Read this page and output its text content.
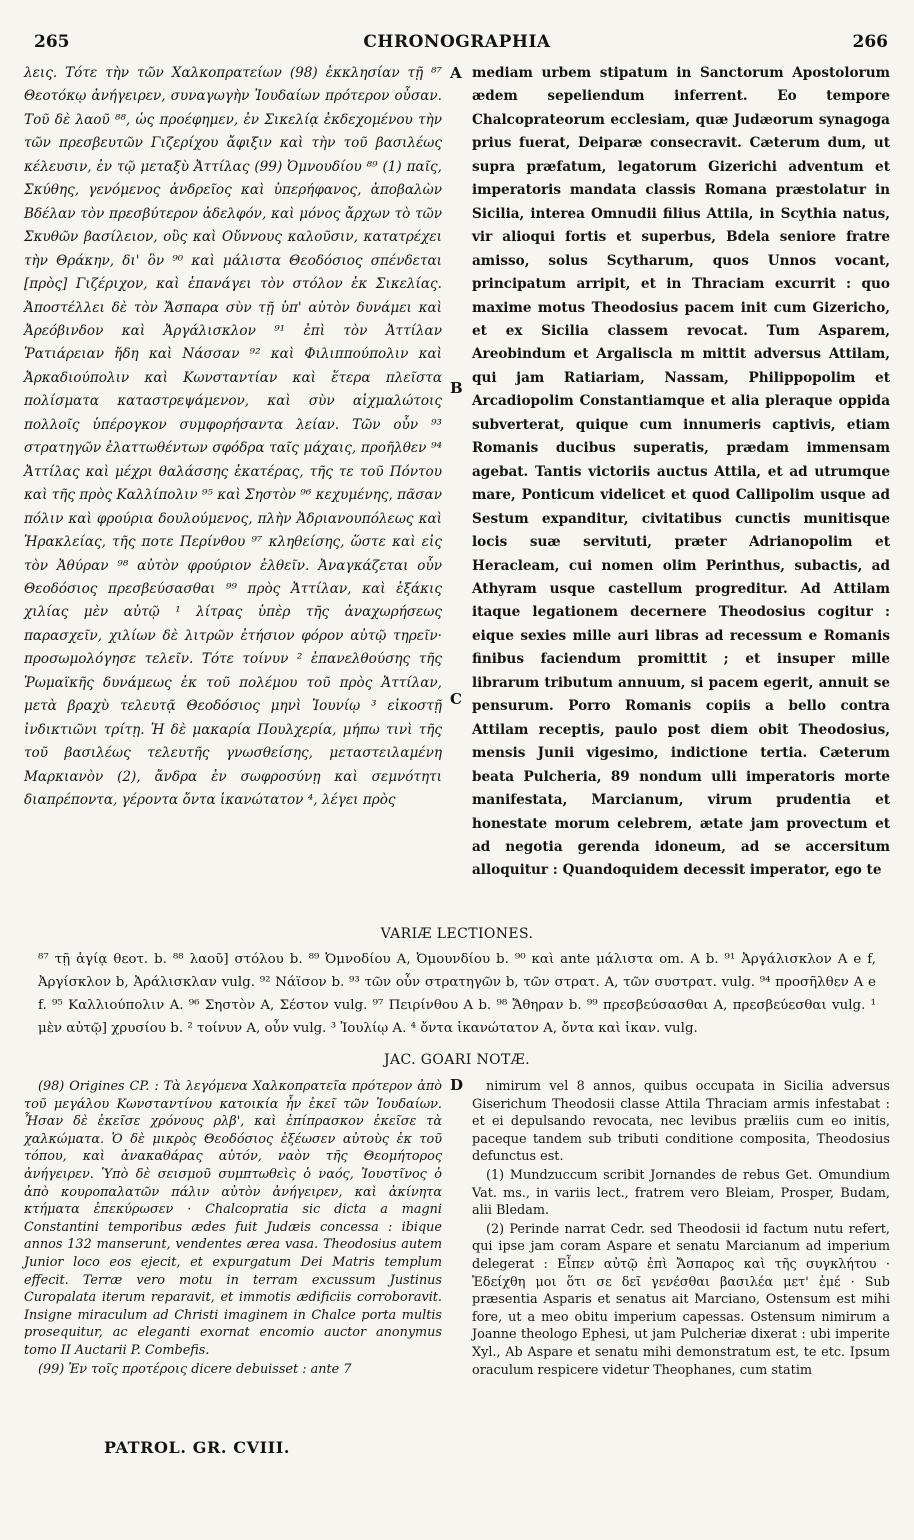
265	CHRONOGRAPHIA	266

λεις. Τότε τὴν τῶν Χαλκοπρατείων (98) ἐκκλησίαν τῇ ⁸⁷ Θεοτόκῳ ἀνήγειρεν, συναγωγὴν Ἰουδαίων πρότερον οὖσαν. Τοῦ δὲ λαοῦ ⁸⁸, ὡς προέφημεν, ἐν Σικελίᾳ ἐκδεχομένου τὴν τῶν πρεσβευτῶν Γιζερίχου ἄφιξιν καὶ τὴν τοῦ βασιλέως κέλευσιν, ἐν τῷ μεταξὺ Ἀττίλας (99) Ὀμνουδίου ⁸⁹ (1) παῖς, Σκύθης, γενόμενος ἀνδρεῖος καὶ ὑπερήφανος, ἀποβαλὼν Βδέλαν τὸν πρεσβύτερον ἀδελφόν, καὶ μόνος ἄρχων τὸ τῶν Σκυθῶν βασίλειον, οὓς καὶ Οὔννους καλοῦσιν, κατατρέχει τὴν Θράκην, δι' ὃν ⁹⁰ καὶ μάλιστα Θεοδόσιος σπένδεται [πρὸς] Γιζέριχον, καὶ ἐπανάγει τὸν στόλον ἐκ Σικελίας. Ἀποστέλλει δὲ τὸν Ἄσπαρα σὺν τῇ ὑπ' αὐτὸν δυνάμει καὶ Ἀρεόβινδον καὶ Ἀργάλισκλον ⁹¹ ἐπὶ τὸν Ἀττίλαν Ῥατιάρειαν ἤδη καὶ Νάσσαν ⁹² καὶ Φιλιππούπολιν καὶ Ἀρκαδιούπολιν καὶ Κωνσταντίαν καὶ ἕτερα πλεῖστα πολίσματα καταστρεψάμενον, καὶ σὺν αἰχμαλώτοις πολλοῖς ὑπέρογκον συμφορήσαντα λείαν. Τῶν οὖν ⁹³ στρατηγῶν ἐλαττωθέντων σφόδρα ταῖς μάχαις, προῆλθεν ⁹⁴ Ἀττίλας καὶ μέχρι θαλάσσης ἑκατέρας, τῆς τε τοῦ Πόντου καὶ τῆς πρὸς Καλλίπολιν ⁹⁵ καὶ Σηστὸν ⁹⁶ κεχυμένης, πᾶσαν πόλιν καὶ φρούρια δουλούμενος, πλὴν Ἀδριανουπόλεως καὶ Ἡρακλείας, τῆς ποτε Περίνθου ⁹⁷ κληθείσης, ὥστε καὶ εἰς τὸν Ἀθύραν ⁹⁸ αὐτὸν φρούριον ἐλθεῖν. Ἀναγκάζεται οὖν Θεοδόσιος πρεσβεύσασθαι ⁹⁹ πρὸς Ἀττίλαν, καὶ ἑξάκις χιλίας μὲν αὐτῷ ¹ λίτρας ὑπὲρ τῆς ἀναχωρήσεως παρασχεῖν, χιλίων δὲ λιτρῶν ἐτήσιον φόρον αὐτῷ τηρεῖν· προσωμολόγησε τελεῖν. Τότε τοίνυν ² ἐπανελθούσης τῆς Ῥωμαϊκῆς δυνάμεως ἐκ τοῦ πολέμου τοῦ πρὸς Ἀττίλαν, μετὰ βραχὺ τελευτᾷ Θεοδόσιος μηνὶ Ἰουνίῳ ³ εἰκοστῇ ἰνδικτιῶνι τρίτῃ. Ἡ δὲ μακαρία Πουλχερία, μήπω τινὶ τῆς τοῦ βασιλέως τελευτῆς γνωσθείσης, μεταστειλαμένη Μαρκιανὸν (2), ἄνδρα ἐν σωφροσύνῃ καὶ σεμνότητι διαπρέποντα, γέροντα ὄντα ἱκανώτατον ⁴, λέγει πρὸς

A
B
C

mediam urbem stipatum in Sanctorum Apostolorum ædem sepeliendum inferrent. Eo tempore Chalcoprateorum ecclesiam, quæ Judæorum synagoga prius fuerat, Deiparæ consecravit. Cæterum dum, ut supra præfatum, legatorum Gizerichi adventum et imperatoris mandata classis Romana præstolatur in Sicilia, interea Omnudii filius Attila, in Scythia natus, vir alioqui fortis et superbus, Bdela seniore fratre amisso, solus Scytharum, quos Unnos vocant, principatum arripit, et in Thraciam excurrit : quo maxime motus Theodosius pacem init cum Gizericho, et ex Sicilia classem revocat. Tum Asparem, Areobindum et Argaliscla m mittit adversus Attilam, qui jam Ratiariam, Nassam, Philippopolim et Arcadiopolim Constantiamque et alia pleraque oppida subverterat, quique cum innumeris captivis, etiam Romanis ducibus superatis, prædam immensam agebat. Tantis victoriis auctus Attila, et ad utrumque mare, Ponticum videlicet et quod Callipolim usque ad Sestum expanditur, civitatibus cunctis munitisque locis suæ servituti, præter Adrianopolim et Heracleam, cui nomen olim Perinthus, subactis, ad Athyram usque castellum progreditur. Ad Attilam itaque legationem decernere Theodosius cogitur : eique sexies mille auri libras ad recessum e Romanis finibus faciendum promittit ; et insuper mille librarum tributum annuum, si pacem egerit, annuit se pensurum. Porro Romanis copiis a bello contra Attilam receptis, paulo post diem obit Theodosius, mensis Junii vigesimo, indictione tertia. Cæterum beata Pulcheria, 89 nondum ulli imperatoris morte manifestata, Marcianum, virum prudentia et honestate morum celebrem, ætate jam provectum et ad negotia gerenda idoneum, ad se accersitum alloquitur : Quandoquidem decessit imperator, ego te

VARIÆ LECTIONES.

⁸⁷ τῇ ἁγίᾳ θεοτ. b. ⁸⁸ λαοῦ] στόλου b. ⁸⁹ Ὀμνοδίου A, Ὀμουνδίου b. ⁹⁰ καὶ ante μάλιστα om. A b. ⁹¹ Ἀργάλισκλον A e f, Ἀργίσκλον b, Ἀράλισκλαν vulg. ⁹² Νάϊσον b. ⁹³ τῶν οὖν στρατηγῶν b, τῶν στρατ. A, τῶν συστρατ. vulg. ⁹⁴ προσῆλθεν A e f. ⁹⁵ Καλλιούπολιν A. ⁹⁶ Σηστὸν A, Σέστον vulg. ⁹⁷ Πειρίνθου A b. ⁹⁸ Ἄθηραν b. ⁹⁹ πρεσβεύσασθαι A, πρεσβεύεσθαι vulg. ¹ μὲν αὐτῷ] χρυσίου b. ² τοίνυν A, οὖν vulg. ³ Ἰουλίῳ A. ⁴ ὄντα ἱκανώτατον A, ὄντα καὶ ἱκαν. vulg.

JAC. GOARI NOTÆ.

(98) Origines CP. : Τὰ λεγόμενα Χαλκοπρατεῖα πρότερον ἀπὸ τοῦ μεγάλου Κωνσταντίνου κατοικία ἦν ἐκεῖ τῶν Ἰουδαίων. Ἦσαν δὲ ἐκεῖσε χρόνους ρλβ', καὶ ἐπίπρασκον ἐκεῖσε τὰ χαλκώματα. Ὁ δὲ μικρὸς Θεοδόσιος ἐξέωσεν αὐτοὺς ἐκ τοῦ τόπου, καὶ ἀνακαθάρας αὐτόν, ναὸν τῆς Θεομήτορος ἀνήγειρεν. Ὑπὸ δὲ σεισμοῦ συμπτωθεὶς ὁ ναός, Ἰουστῖνος ὁ ἀπὸ κουροπαλατῶν πάλιν αὐτὸν ἀνήγειρεν, καὶ ἀκίνητα κτήματα ἐπεκύρωσεν · Chalcopratia sic dicta a magni Constantini temporibus ædes fuit Judæis concessa : ibique annos 132 manserunt, vendentes ærea vasa. Theodosius autem Junior loco eos ejecit, et expurgatum Dei Matris templum effecit. Terræ vero motu in terram excussum Justinus Curopalata iterum reparavit, et immotis ædificiis corroboravit. Insigne miraculum ad Christi imaginem in Chalce porta multis prosequitur, ac eleganti exornat encomio auctor anonymus tomo II Auctarii P. Combefis.

(99) Ἐν τοῖς προτέροις dicere debuisset : ante 7

D	nimirum vel 8 annos, quibus occupata in Sicilia adversus Giserichum Theodosii classe Attila Thraciam armis infestabat : et ei depulsando revocata, nec levibus præliis cum eo initis, paceque tandem sub tributi conditione composita, Theodosius defunctus est.

(1) Mundzuccum scribit Jornandes de rebus Get. Omundium Vat. ms., in variis lect., fratrem vero Bleiam, Prosper, Budam, alii Bledam.

(2) Perinde narrat Cedr. sed Theodosii id factum nutu refert, qui ipse jam coram Aspare et senatu Marcianum ad imperium delegerat : Εἶπεν αὐτῷ ἐπὶ Ἄσπαρος καὶ τῆς συγκλήτου · Ἐδείχθη μοι ὅτι σε δεῖ γενέσθαι βασιλέα μετ' ἐμέ · Sub præsentia Asparis et senatus ait Marciano, Ostensum est mihi fore, ut a meo obitu imperium capessas. Ostensum nimirum a Joanne theologo Ephesi, ut jam Pulcheriæ dixerat : ubi imperite Xyl., Ab Aspare et senatu mihi demonstratum est, te etc. Ipsum oraculum respicere videtur Theophanes, cum statim

PATROL. GR. CVIII.
